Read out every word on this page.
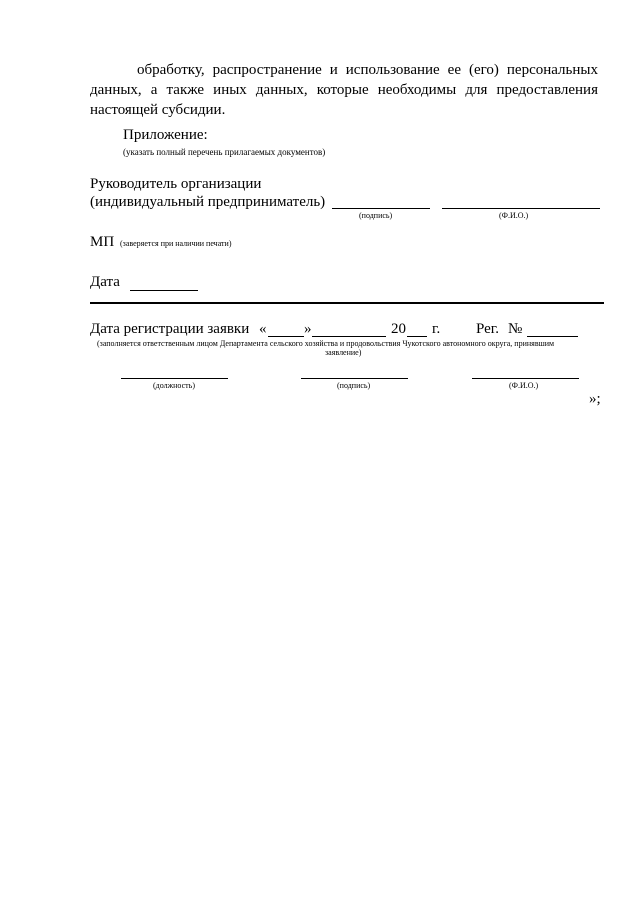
обработку, распространение и использование ее (его) персональных
данных, а также иных данных, которые необходимы для предоставления
настоящей субсидии.
Приложение:
(указать полный перечень прилагаемых документов)
Руководитель организации
(индивидуальный предприниматель)
(подпись)	(Ф.И.О.)
МП (заверяется при наличии печати)
Дата
Дата регистрации заявки «	»	20 г. Рег. №
(заполняется ответственным лицом Департамента сельского хозяйства и продовольствия Чукотского автономного округа, принявшим
заявление)
(должность)	(подпись)	(Ф.И.О.)
»;
